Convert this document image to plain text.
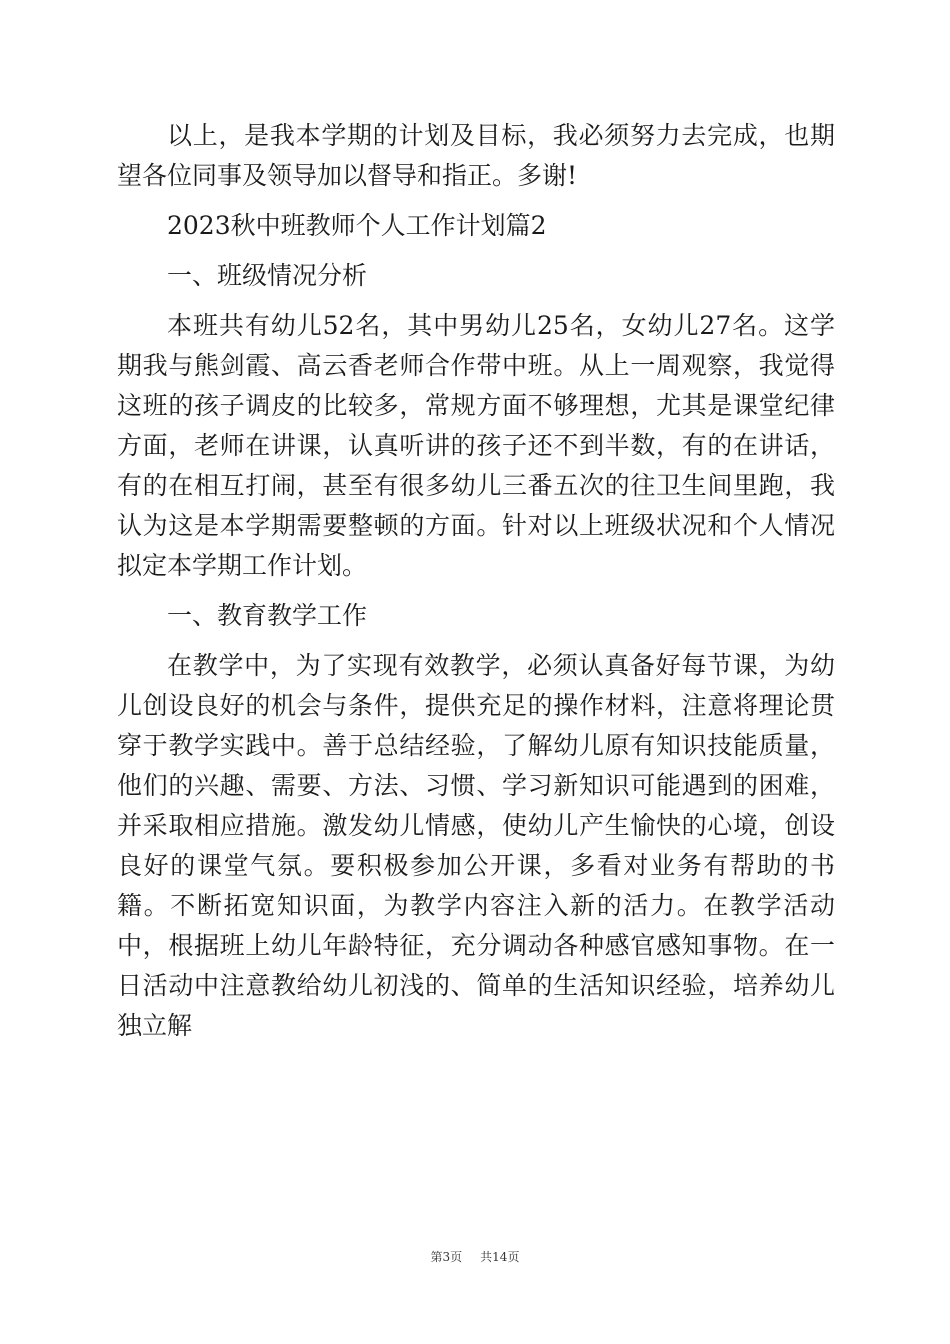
以上，是我本学期的计划及目标，我必须努力去完成，也期望各位同事及领导加以督导和指正。多谢!

2023秋中班教师个人工作计划篇2

一、班级情况分析

本班共有幼儿52名，其中男幼儿25名，女幼儿27名。这学期我与熊剑霞、高云香老师合作带中班。从上一周观察，我觉得这班的孩子调皮的比较多，常规方面不够理想，尤其是课堂纪律方面，老师在讲课，认真听讲的孩子还不到半数，有的在讲话，有的在相互打闹，甚至有很多幼儿三番五次的往卫生间里跑，我认为这是本学期需要整顿的方面。针对以上班级状况和个人情况拟定本学期工作计划。

一、教育教学工作

在教学中，为了实现有效教学，必须认真备好每节课，为幼儿创设良好的机会与条件，提供充足的操作材料，注意将理论贯穿于教学实践中。善于总结经验，了解幼儿原有知识技能质量，他们的兴趣、需要、方法、习惯、学习新知识可能遇到的困难，并采取相应措施。激发幼儿情感，使幼儿产生愉快的心境，创设良好的课堂气氛。要积极参加公开课，多看对业务有帮助的书籍。不断拓宽知识面，为教学内容注入新的活力。在教学活动中，根据班上幼儿年龄特征，充分调动各种感官感知事物。在一日活动中注意教给幼儿初浅的、简单的生活知识经验，培养幼儿独立解

第3页 共14页
